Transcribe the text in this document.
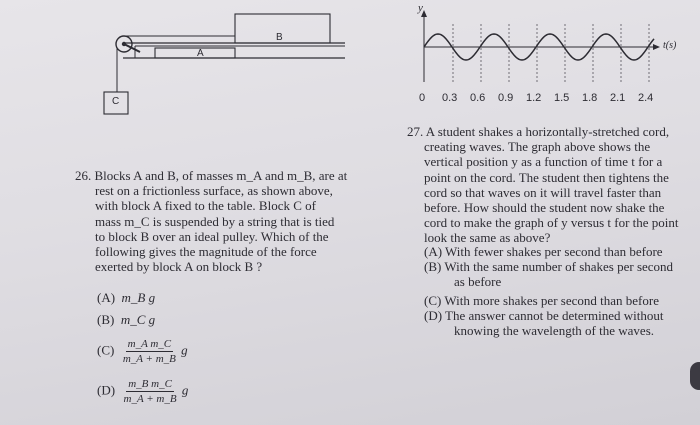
B
A
C
26. Blocks A and B, of masses m_A and m_B, are at
rest on a frictionless surface, as shown above,
with block A fixed to the table. Block C of
mass m_C is suspended by a string that is tied
to block B over an ideal pulley. Which of the
following gives the magnitude of the force
exerted by block A on block B ?
(A) m_B g
(B) m_C g
$(C) \frac{\text{m\_A m\_C}}{m\_A + m\_B}$ g
$(D) \frac{\text{m\_B m\_C}}{m\_A + m\_B}$ g
y
t(s)
0 0.3 0.6 0.9 1.2 1.5 1.8 2.1 2.4
27. A student shakes a horizontally-stretched cord,
creating waves. The graph above shows the
vertical position y as a function of time t for a
point on the cord. The student then tightens the
cord so that waves on it will travel faster than
before. How should the student now shake the
cord to make the graph of y versus t for the point
look the same as above?
(A) With fewer shakes per second than before
(B) With the same number of shakes per second
as before
(C) With more shakes per second than before
(D) The answer cannot be determined without
knowing the wavelength of the waves.
